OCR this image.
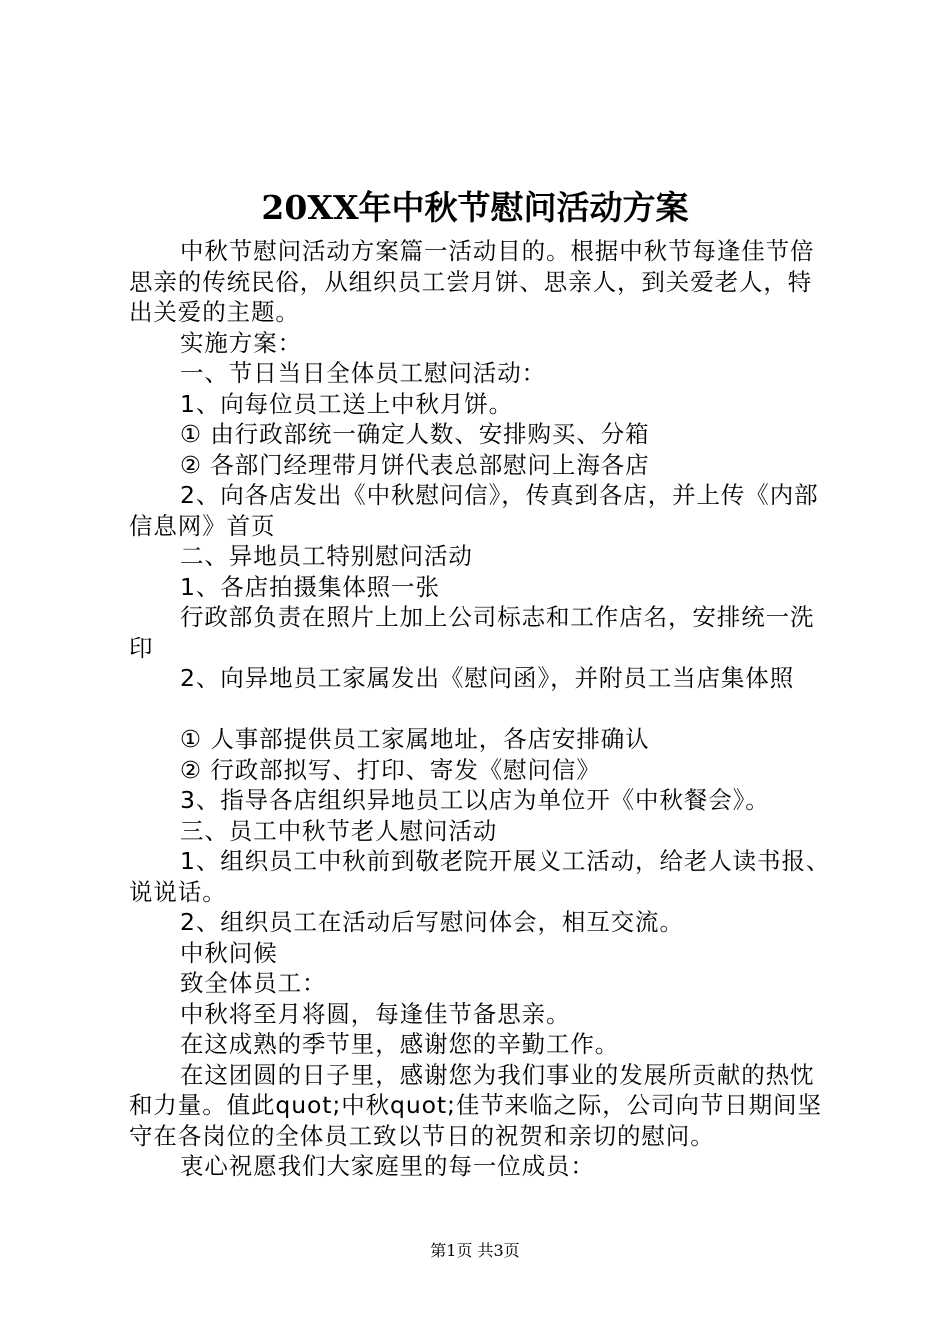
20XX年中秋节慰问活动方案

中秋节慰问活动方案篇一活动目的。根据中秋节每逢佳节倍思亲的传统民俗，从组织员工尝月饼、思亲人，到关爱老人，特出关爱的主题。

实施方案：

一、节日当日全体员工慰问活动：

1、向每位员工送上中秋月饼。

① 由行政部统一确定人数、安排购买、分箱

② 各部门经理带月饼代表总部慰问上海各店

2、向各店发出《中秋慰问信》，传真到各店，并上传《内部信息网》首页

二、异地员工特别慰问活动

1、各店拍摄集体照一张

行政部负责在照片上加上公司标志和工作店名，安排统一洗印

2、向异地员工家属发出《慰问函》，并附员工当店集体照

① 人事部提供员工家属地址，各店安排确认

② 行政部拟写、打印、寄发《慰问信》

3、指导各店组织异地员工以店为单位开《中秋餐会》。

三、员工中秋节老人慰问活动

1、组织员工中秋前到敬老院开展义工活动，给老人读书报、说说话。

2、组织员工在活动后写慰问体会，相互交流。

中秋问候

致全体员工：

中秋将至月将圆，每逢佳节备思亲。

在这成熟的季节里，感谢您的辛勤工作。

在这团圆的日子里，感谢您为我们事业的发展所贡献的热忱和力量。值此quot;中秋quot;佳节来临之际，公司向节日期间坚守在各岗位的全体员工致以节日的祝贺和亲切的慰问。

衷心祝愿我们大家庭里的每一位成员：

第1页 共3页
